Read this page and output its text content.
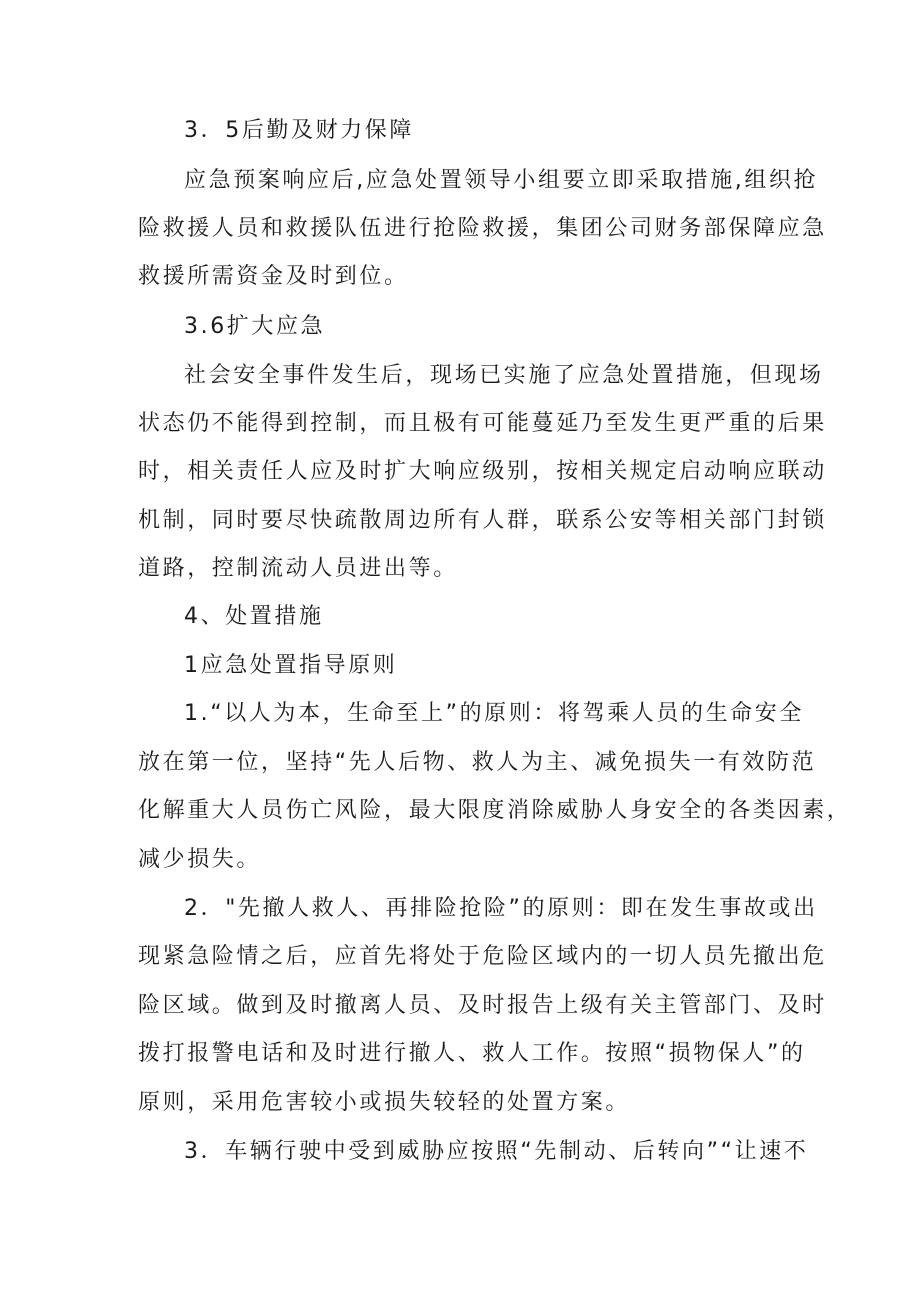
3．5后勤及财力保障
应急预案响应后,应急处置领导小组要立即采取措施,组织抢
险救援人员和救援队伍进行抢险救援，集团公司财务部保障应急
救援所需资金及时到位。
3.6扩大应急
社会安全事件发生后，现场已实施了应急处置措施，但现场
状态仍不能得到控制，而且极有可能蔓延乃至发生更严重的后果
时，相关责任人应及时扩大响应级别，按相关规定启动响应联动
机制，同时要尽快疏散周边所有人群，联系公安等相关部门封锁
道路，控制流动人员进出等。
4、处置措施
1应急处置指导原则
1.“以人为本，生命至上”的原则：将驾乘人员的生命安全
放在第一位，坚持“先人后物、救人为主、减免损失一有效防范
化解重大人员伤亡风险，最大限度消除威胁人身安全的各类因素，
减少损失。
2．"先撤人救人、再排险抢险”的原则：即在发生事故或出
现紧急险情之后，应首先将处于危险区域内的一切人员先撤出危
险区域。做到及时撤离人员、及时报告上级有关主管部门、及时
拨打报警电话和及时进行撤人、救人工作。按照“损物保人”的
原则，采用危害较小或损失较轻的处置方案。
3．车辆行驶中受到威胁应按照“先制动、后转向”“让速不
